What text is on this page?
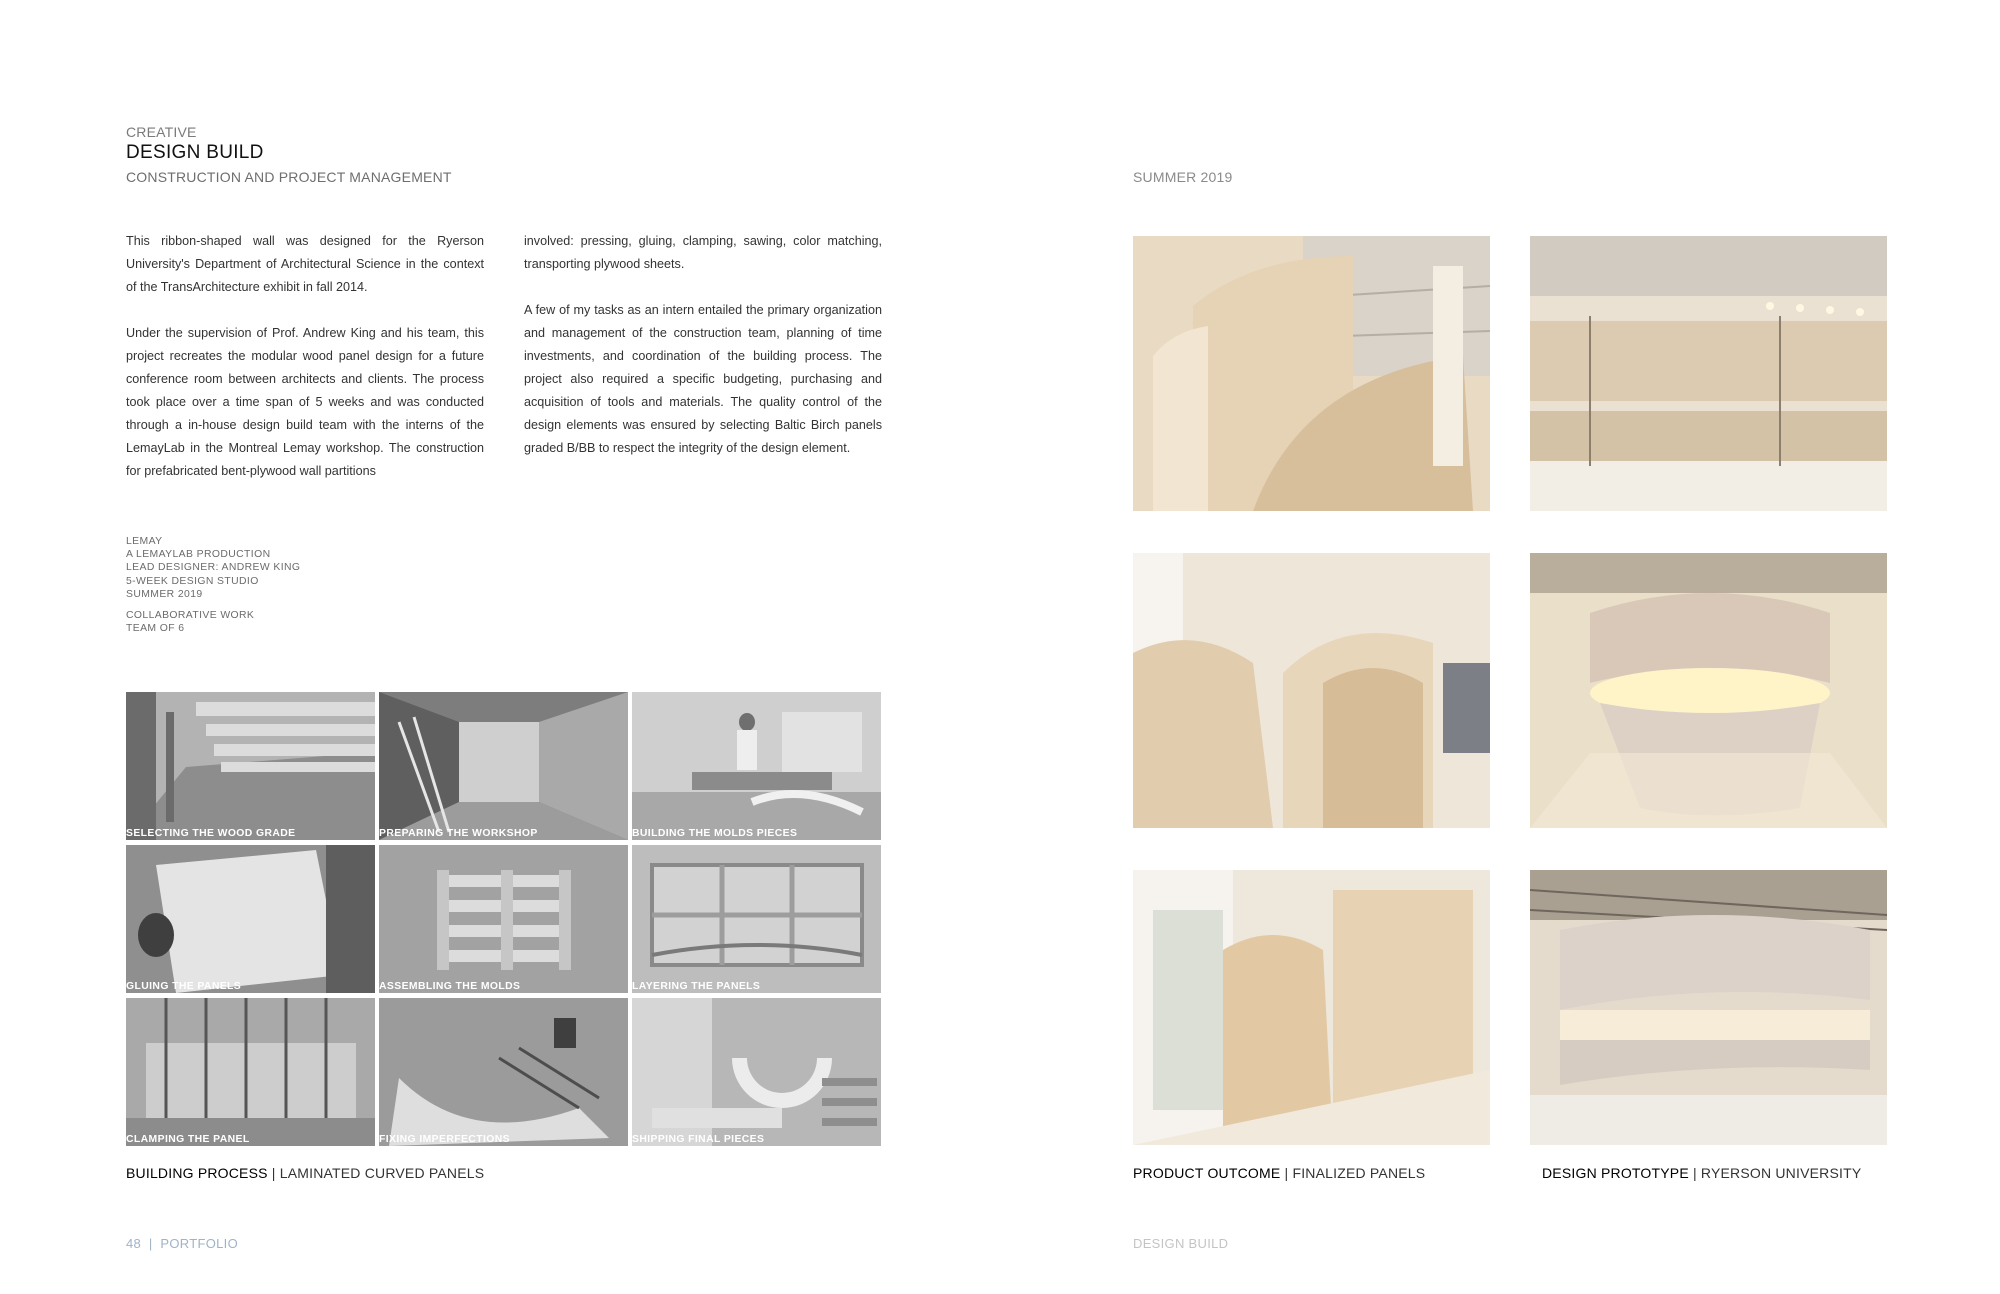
CREATIVE
DESIGN BUILD
CONSTRUCTION AND PROJECT MANAGEMENT	SUMMER 2019

This ribbon-shaped wall was designed for the Ryerson University's Department of Architectural Science in the context of the TransArchitecture exhibit in fall 2014.

Under the supervision of Prof. Andrew King and his team, this project recreates the modular wood panel design for a future conference room between architects and clients. The process took place over a time span of 5 weeks and was conducted through a in-house design build team with the interns of the LemayLab in the Montreal Lemay workshop. The construction for prefabricated bent-plywood wall partitions

involved: pressing, gluing, clamping, sawing, color matching, transporting plywood sheets.

A few of my tasks as an intern entailed the primary organization and management of the construction team, planning of time investments, and coordination of the building process. The project also required a specific budgeting, purchasing and acquisition of tools and materials. The quality control of the design elements was ensured by selecting Baltic Birch panels graded B/BB to respect the integrity of the design element.

LEMAY
A LEMAYLAB PRODUCTION
LEAD DESIGNER: ANDREW KING
5-WEEK DESIGN STUDIO
SUMMER 2019
COLLABORATIVE WORK
TEAM OF 6
SELECTING THE WOOD GRADE	PREPARING THE WORKSHOP	BUILDING THE MOLDS PIECES
GLUING THE PANELS	ASSEMBLING THE MOLDS	LAYERING THE PANELS
CLAMPING THE PANEL	FIXING IMPERFECTIONS	SHIPPING FINAL PIECES
BUILDING PROCESS | LAMINATED CURVED PANELS	PRODUCT OUTCOME | FINALIZED PANELS	DESIGN PROTOTYPE | RYERSON UNIVERSITY
48 | PORTFOLIO	DESIGN BUILD
